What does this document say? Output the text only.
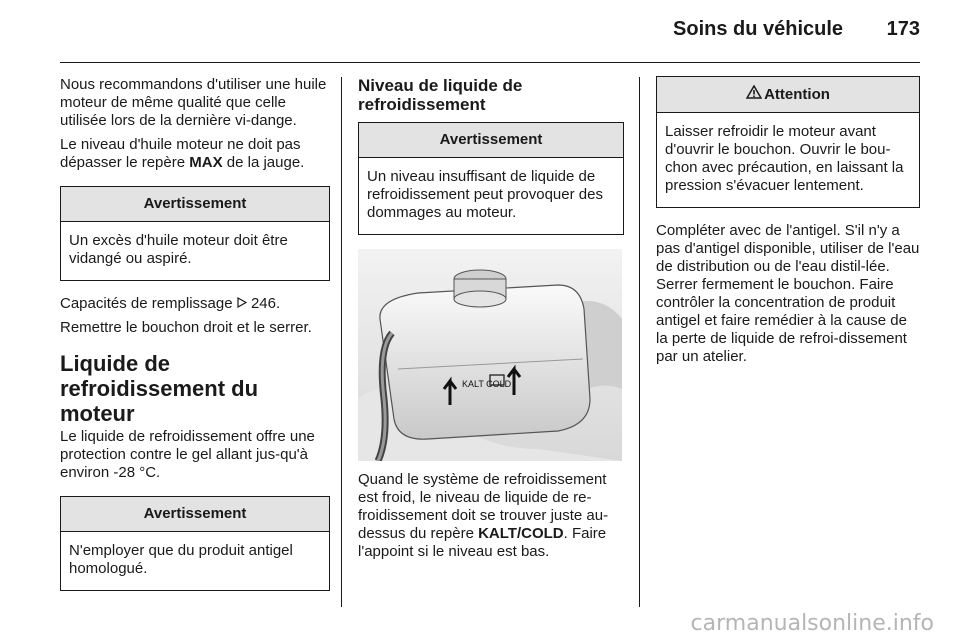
Soins du véhicule 173

Nous recommandons d'utiliser une huile moteur de même qualité que celle utilisée lors de la dernière vi-dange.

Le niveau d'huile moteur ne doit pas dépasser le repère MAX de la jauge.

Avertissement
Un excès d'huile moteur doit être vidangé ou aspiré.

Capacités de remplissage  246.

Remettre le bouchon droit et le serrer.

Liquide de refroidissement du moteur

Le liquide de refroidissement offre une protection contre le gel allant jus-qu'à environ -28 °C.

Avertissement
N'employer que du produit antigel homologué.
Niveau de liquide de refroidissement
Avertissement
Un niveau insuffisant de liquide de refroidissement peut provoquer des dommages au moteur.
KALT COLD

Quand le système de refroidissement est froid, le niveau de liquide de re-froidissement doit se trouver juste au-dessus du repère KALT/COLD. Faire l'appoint si le niveau est bas.

Attention
Laisser refroidir le moteur avant d'ouvrir le bouchon. Ouvrir le bou-chon avec précaution, en laissant la pression s'évacuer lentement.

Compléter avec de l'antigel. S'il n'y a pas d'antigel disponible, utiliser de l'eau de distribution ou de l'eau distil-lée. Serrer fermement le bouchon. Faire contrôler la concentration de produit antigel et faire remédier à la cause de la perte de liquide de refroi-dissement par un atelier.

carmanualsonline.info
